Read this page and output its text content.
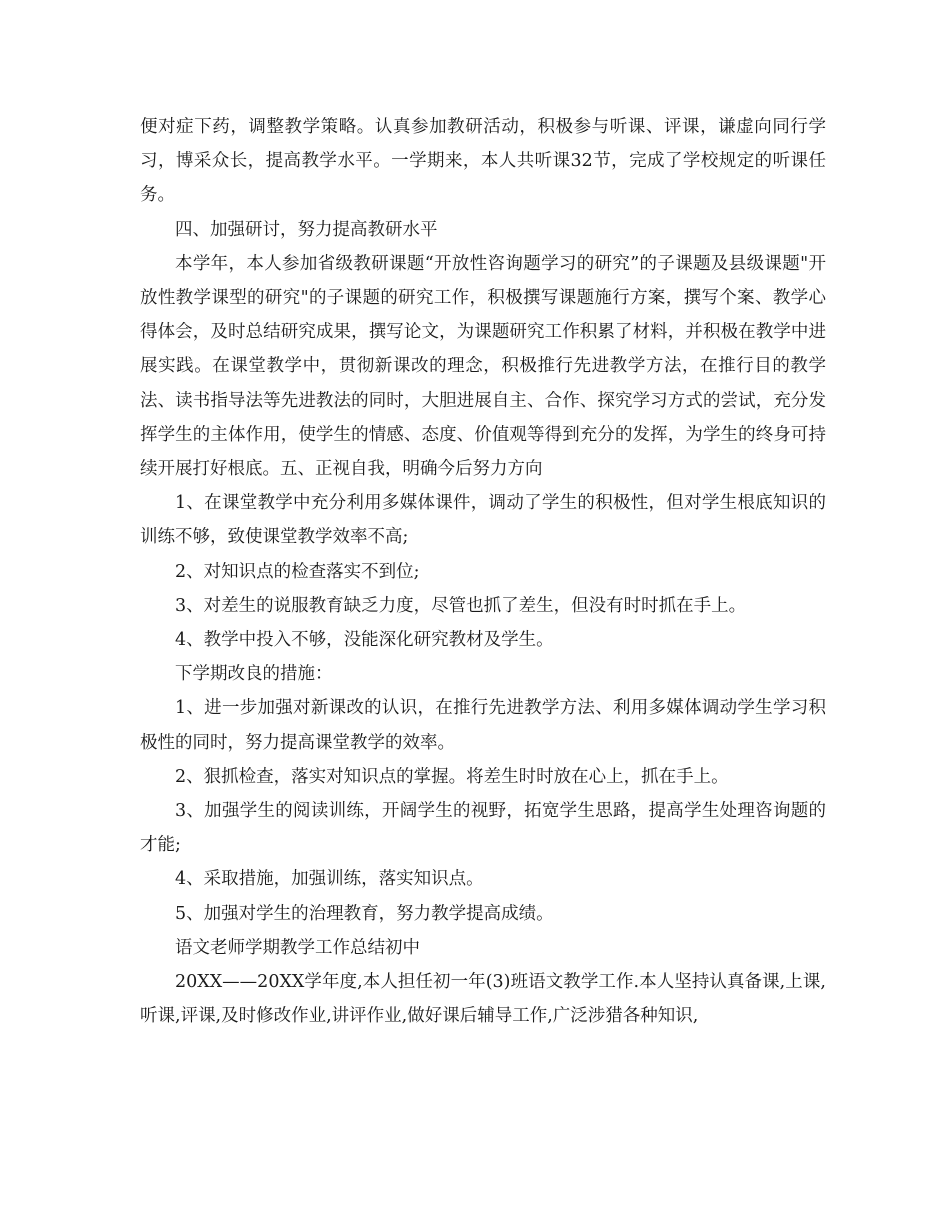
便对症下药，调整教学策略。认真参加教研活动，积极参与听课、评课，谦虚向同行学习，博采众长，提高教学水平。一学期来，本人共听课32节，完成了学校规定的听课任务。

四、加强研讨，努力提高教研水平

本学年，本人参加省级教研课题“开放性咨询题学习的研究”的子课题及县级课题"开放性教学课型的研究"的子课题的研究工作，积极撰写课题施行方案，撰写个案、教学心得体会，及时总结研究成果，撰写论文，为课题研究工作积累了材料，并积极在教学中进展实践。在课堂教学中，贯彻新课改的理念，积极推行先进教学方法，在推行目的教学法、读书指导法等先进教法的同时，大胆进展自主、合作、探究学习方式的尝试，充分发挥学生的主体作用，使学生的情感、态度、价值观等得到充分的发挥，为学生的终身可持续开展打好根底。五、正视自我，明确今后努力方向

1、在课堂教学中充分利用多媒体课件，调动了学生的积极性，但对学生根底知识的训练不够，致使课堂教学效率不高;

2、对知识点的检查落实不到位;

3、对差生的说服教育缺乏力度，尽管也抓了差生，但没有时时抓在手上。

4、教学中投入不够，没能深化研究教材及学生。

下学期改良的措施：

1、进一步加强对新课改的认识，在推行先进教学方法、利用多媒体调动学生学习积极性的同时，努力提高课堂教学的效率。

2、狠抓检查，落实对知识点的掌握。将差生时时放在心上，抓在手上。

3、加强学生的阅读训练，开阔学生的视野，拓宽学生思路，提高学生处理咨询题的才能;

4、采取措施，加强训练，落实知识点。

5、加强对学生的治理教育，努力教学提高成绩。

语文老师学期教学工作总结初中

20XX——20XX学年度,本人担任初一年(3)班语文教学工作.本人坚持认真备课,上课,听课,评课,及时修改作业,讲评作业,做好课后辅导工作,广泛涉猎各种知识,
